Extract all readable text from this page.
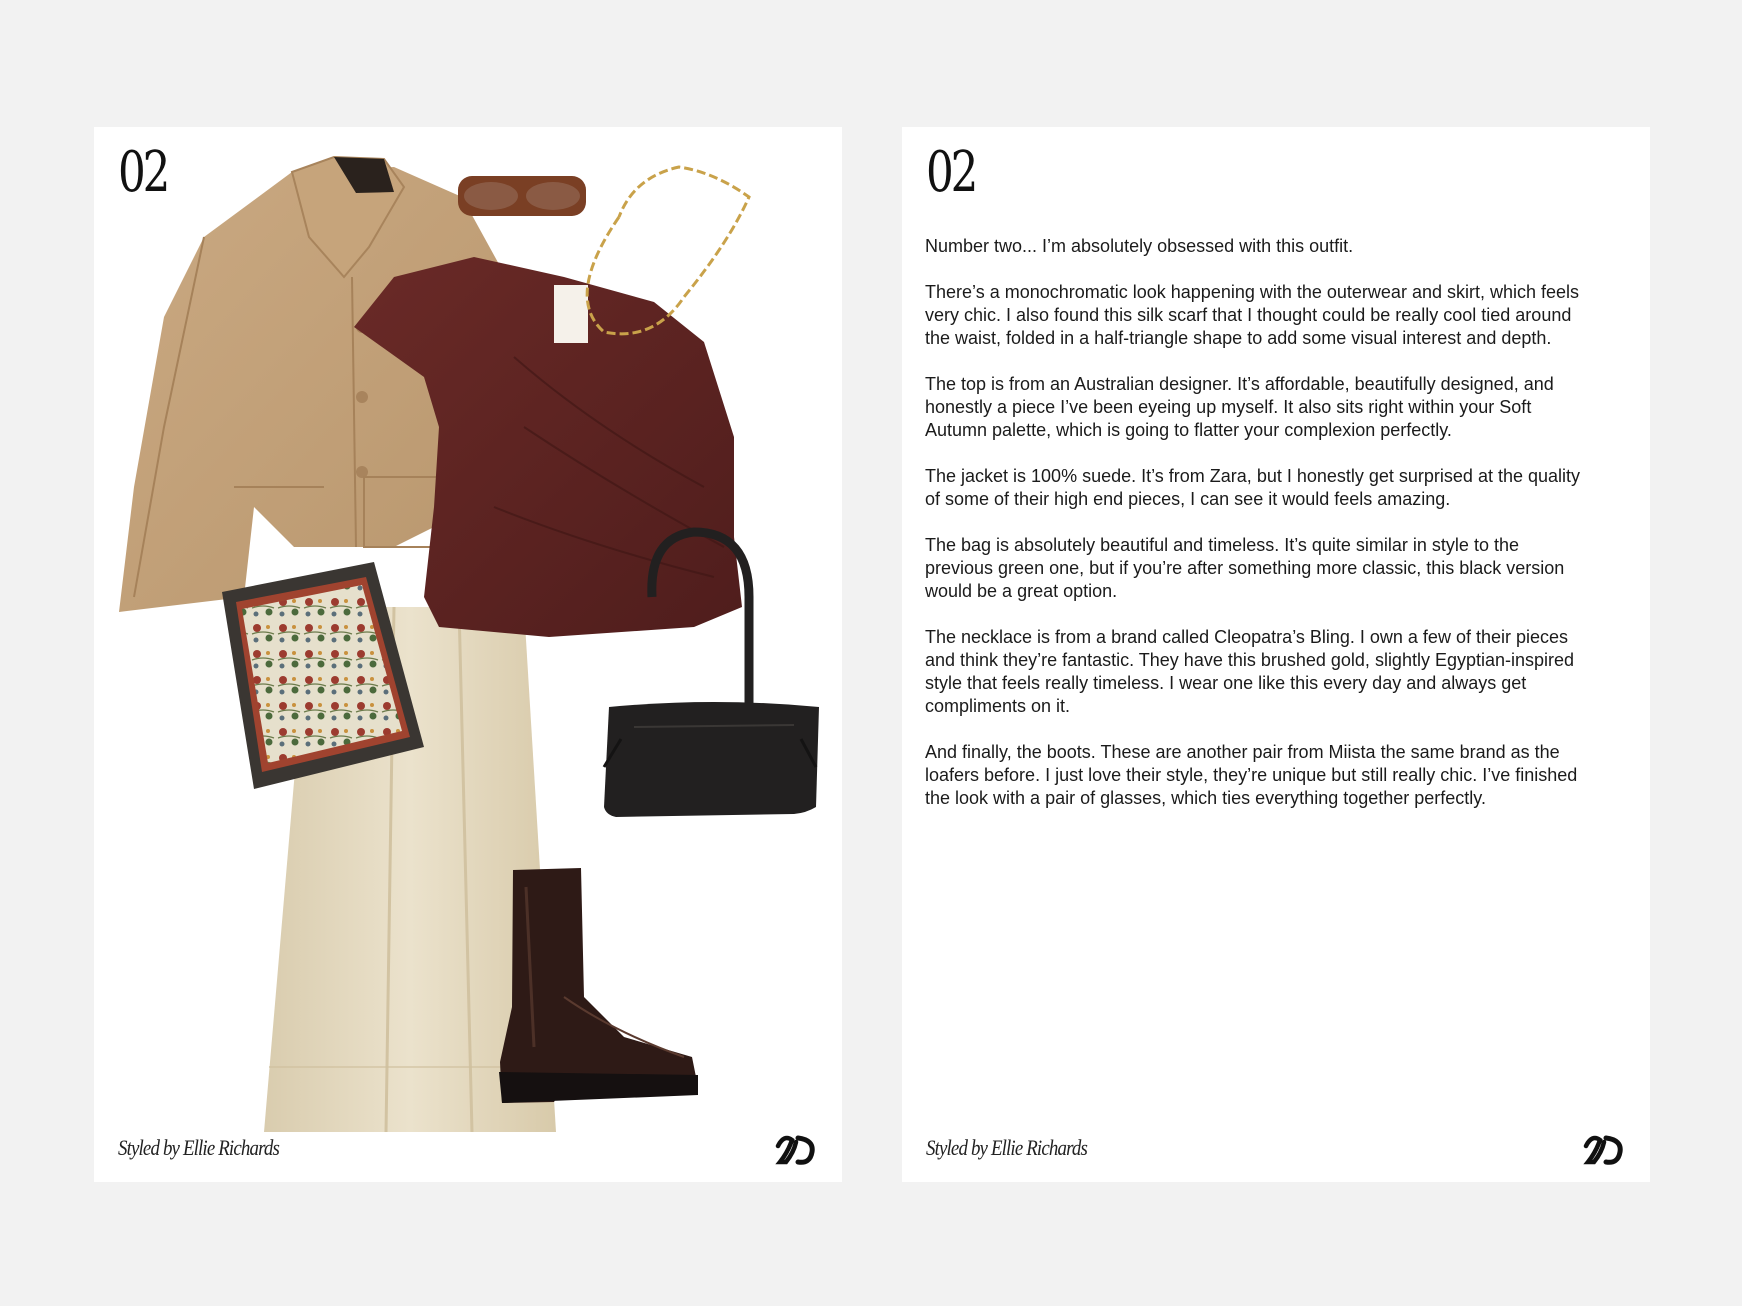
02
Styled by Ellie Richards
02

Number two... I’m absolutely obsessed with this outfit.

There’s a monochromatic look happening with the outerwear and skirt, which feels very chic. I also found this silk scarf that I thought could be really cool tied around the waist, folded in a half-triangle shape to add some visual interest and depth.

The top is from an Australian designer. It’s affordable, beautifully designed, and honestly a piece I’ve been eyeing up myself. It also sits right within your Soft Autumn palette, which is going to flatter your complexion perfectly.

The jacket is 100% suede. It’s from Zara, but I honestly get surprised at the quality of some of their high end pieces, I can see it would feels amazing.

The bag is absolutely beautiful and timeless. It’s quite similar in style to the previous green one, but if you’re after something more classic, this black version would be a great option.

The necklace is from a brand called Cleopatra’s Bling. I own a few of their pieces and think they’re fantastic. They have this brushed gold, slightly Egyptian-inspired style that feels really timeless. I wear one like this every day and always get compliments on it.

And finally, the boots. These are another pair from Miista the same brand as the loafers before. I just love their style, they’re unique but still really chic. I’ve finished the look with a pair of glasses, which ties everything together perfectly.

Styled by Ellie Richards
